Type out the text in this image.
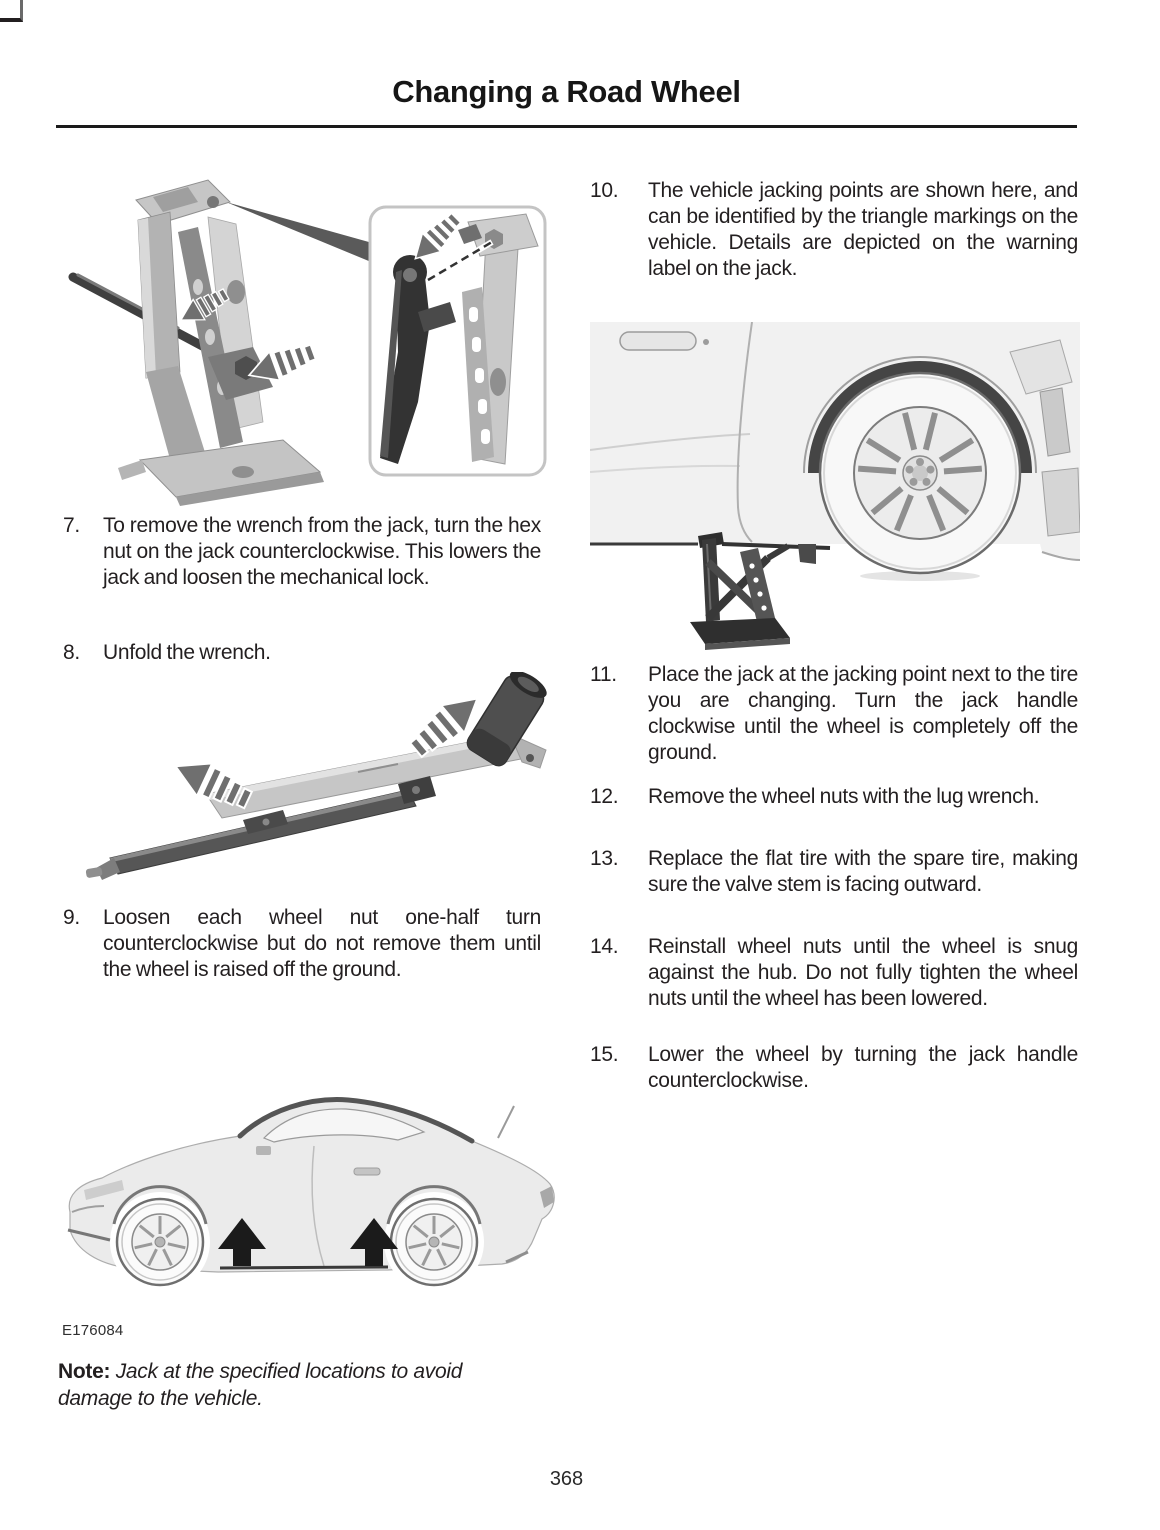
Changing a Road Wheel
7. To remove the wrench from the jack, turn the hex nut on the jack counterclockwise. This lowers the jack and loosen the mechanical lock.
8. Unfold the wrench.
9. Loosen each wheel nut one-half turn counterclockwise but do not remove them until the wheel is raised off the ground.
E176084
Note: Jack at the specified locations to avoid damage to the vehicle.
10. The vehicle jacking points are shown here, and can be identified by the triangle markings on the vehicle. Details are depicted on the warning label on the jack.
11. Place the jack at the jacking point next to the tire you are changing. Turn the jack handle clockwise until the wheel is completely off the ground.
12. Remove the wheel nuts with the lug wrench.
13. Replace the flat tire with the spare tire, making sure the valve stem is facing outward.
14. Reinstall wheel nuts until the wheel is snug against the hub. Do not fully tighten the wheel nuts until the wheel has been lowered.
15. Lower the wheel by turning the jack handle counterclockwise.
368
